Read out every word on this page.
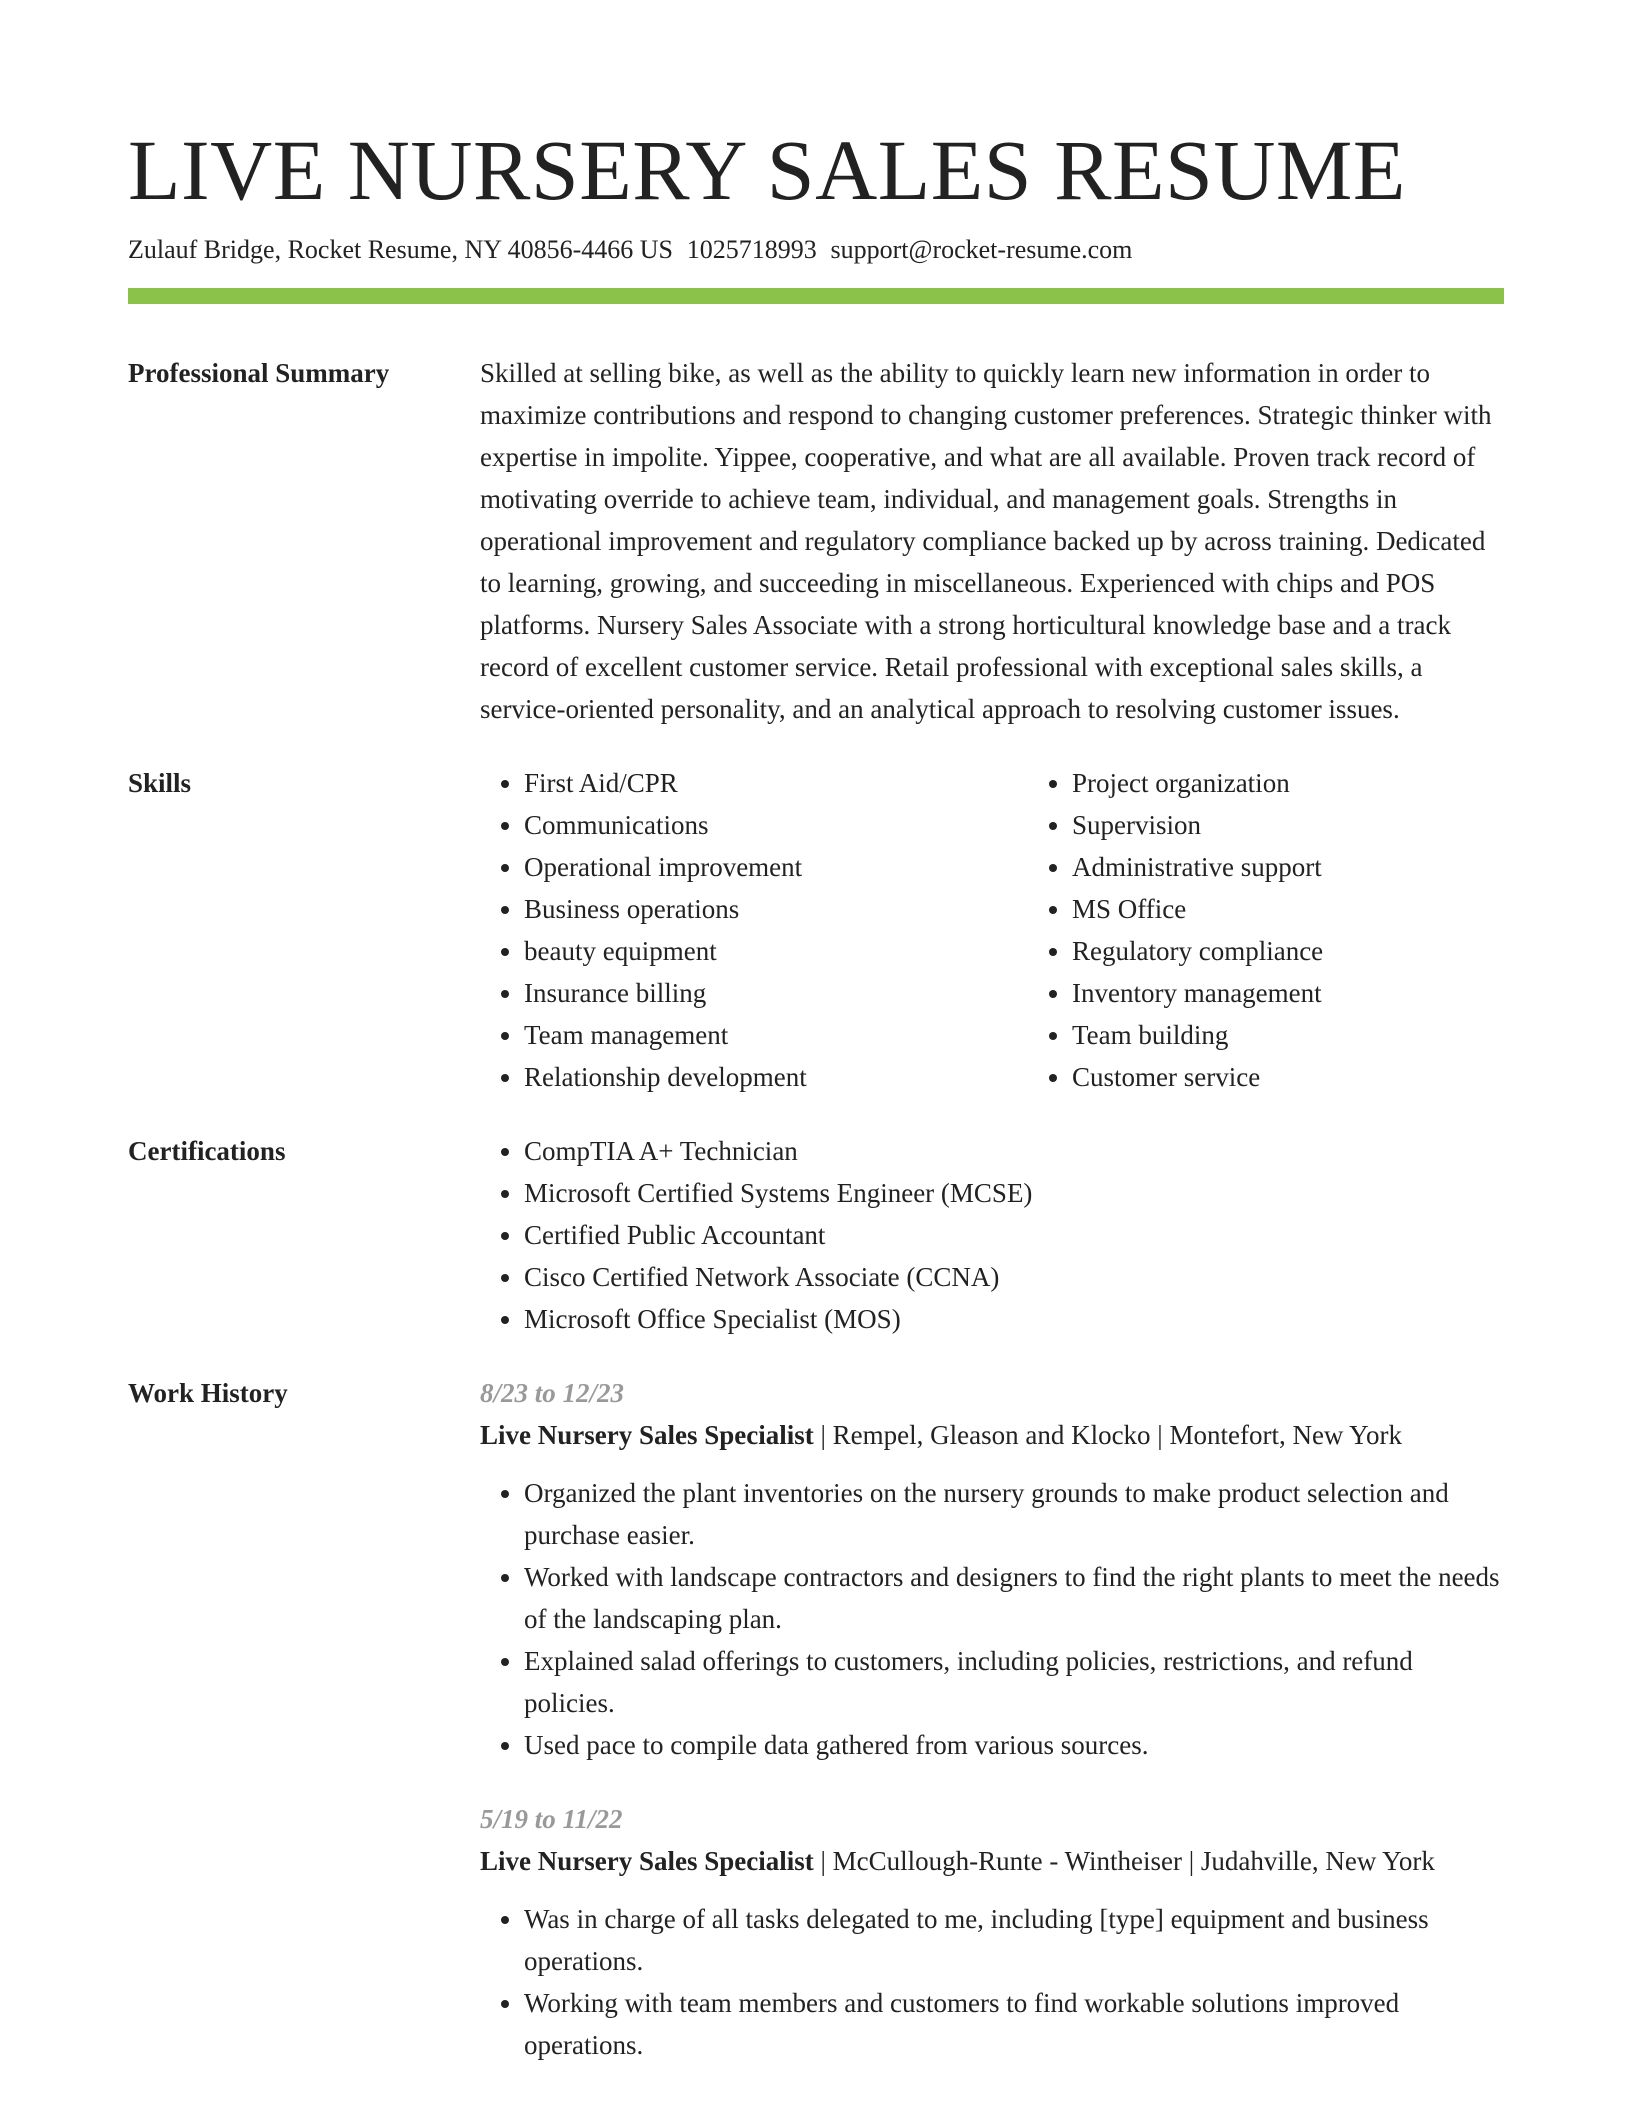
LIVE NURSERY SALES RESUME
Zulauf Bridge, Rocket Resume, NY 40856-4466 US 1025718993 support@rocket-resume.com
Professional Summary	Skilled at selling bike, as well as the ability to quickly learn new information in order to maximize contributions and respond to changing customer preferences. Strategic thinker with expertise in impolite. Yippee, cooperative, and what are all available. Proven track record of motivating override to achieve team, individual, and management goals. Strengths in operational improvement and regulatory compliance backed up by across training. Dedicated to learning, growing, and succeeding in miscellaneous. Experienced with chips and POS platforms. Nursery Sales Associate with a strong horticultural knowledge base and a track record of excellent customer service. Retail professional with exceptional sales skills, a service-oriented personality, and an analytical approach to resolving customer issues.

Skills	• First Aid/CPR
• Communications
• Operational improvement
• Business operations
• beauty equipment
• Insurance billing
• Team management
• Relationship development
• Project organization
• Supervision
• Administrative support
• MS Office
• Regulatory compliance
• Inventory management
• Team building
• Customer service
Certifications	• CompTIA A+ Technician
• Microsoft Certified Systems Engineer (MCSE)
• Certified Public Accountant
• Cisco Certified Network Associate (CCNA)
• Microsoft Office Specialist (MOS)
Work History	8/23 to 12/23
Live Nursery Sales Specialist | Rempel, Gleason and Klocko | Montefort, New York
• Organized the plant inventories on the nursery grounds to make product selection and purchase easier.
• Worked with landscape contractors and designers to find the right plants to meet the needs of the landscaping plan.
• Explained salad offerings to customers, including policies, restrictions, and refund policies.
• Used pace to compile data gathered from various sources.
5/19 to 11/22
Live Nursery Sales Specialist | McCullough-Runte - Wintheiser | Judahville, New York
• Was in charge of all tasks delegated to me, including [type] equipment and business operations.
• Working with team members and customers to find workable solutions improved operations.
